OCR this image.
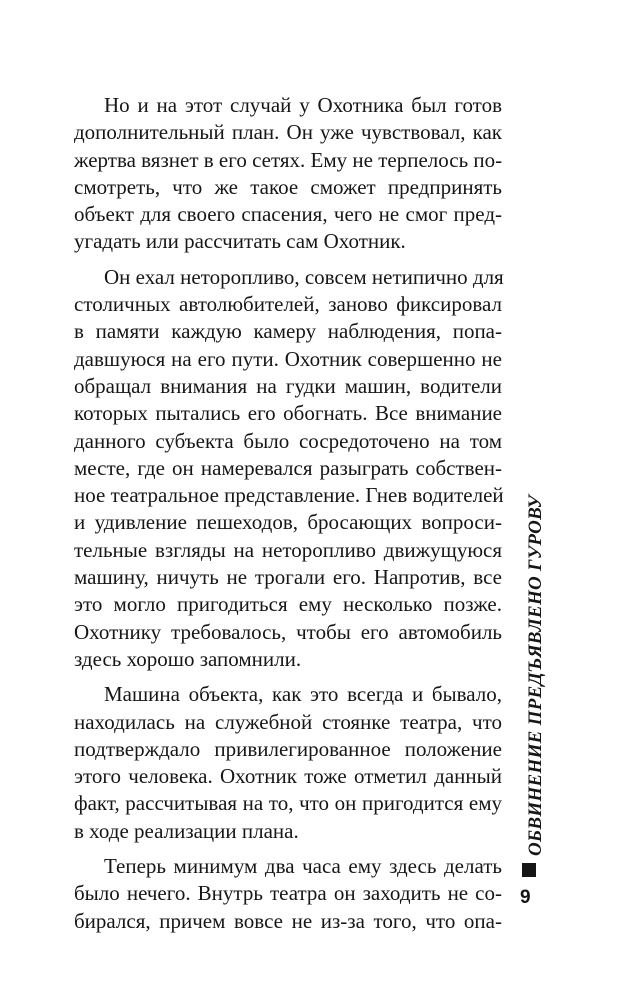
Но и на этот случай у Охотника был готов
дополнительный план. Он уже чувствовал, как
жертва вязнет в его сетях. Ему не терпелось по-
смотреть, что же такое сможет предпринять
объект для своего спасения, чего не смог пред-
угадать или рассчитать сам Охотник.
Он ехал неторопливо, совсем нетипично для
столичных автолюбителей, заново фиксировал
в памяти каждую камеру наблюдения, попа-
давшуюся на его пути. Охотник совершенно не
обращал внимания на гудки машин, водители
которых пытались его обогнать. Все внимание
данного субъекта было сосредоточено на том
месте, где он намеревался разыграть собствен-
ное театральное представление. Гнев водителей
и удивление пешеходов, бросающих вопроси-
тельные взгляды на неторопливо движущуюся
машину, ничуть не трогали его. Напротив, все
это могло пригодиться ему несколько позже.
Охотнику требовалось, чтобы его автомобиль
здесь хорошо запомнили.
Машина объекта, как это всегда и бывало,
находилась на служебной стоянке театра, что
подтверждало привилегированное положение
этого человека. Охотник тоже отметил данный
факт, рассчитывая на то, что он пригодится ему
в ходе реализации плана.
Теперь минимум два часа ему здесь делать
было нечего. Внутрь театра он заходить не со-
бирался, причем вовсе не из-за того, что опа-
ОБВИНЕНИЕ ПРЕДЪЯВЛЕНО ГУРОВУ
9
